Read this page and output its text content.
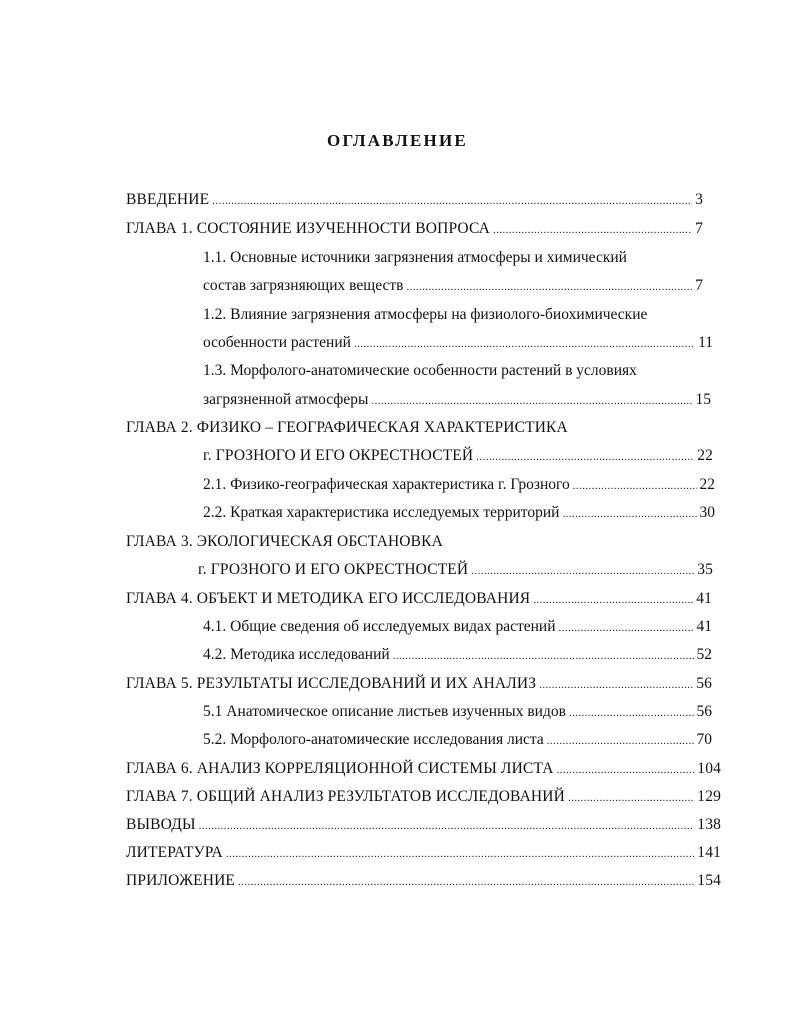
ОГЛАВЛЕНИЕ
ВВЕДЕНИЕ .....	3
ГЛАВА 1. СОСТОЯНИЕ ИЗУЧЕННОСТИ ВОПРОСА .....	7
1.1. Основные источники загрязнения атмосферы и химический
состав загрязняющих веществ .....	7
1.2. Влияние загрязнения атмосферы на физиолого-биохимические
особенности растений .....	11
1.3. Морфолого-анатомические особенности растений в условиях
загрязненной атмосферы .....	15
ГЛАВА 2. ФИЗИКО – ГЕОГРАФИЧЕСКАЯ ХАРАКТЕРИСТИКА
г. ГРОЗНОГО И ЕГО ОКРЕСТНОСТЕЙ .....	22
2.1. Физико-географическая характеристика г. Грозного .....	22
2.2. Краткая характеристика исследуемых территорий .....	30
ГЛАВА 3. ЭКОЛОГИЧЕСКАЯ ОБСТАНОВКА
г. ГРОЗНОГО И ЕГО ОКРЕСТНОСТЕЙ .....	35
ГЛАВА 4. ОБЪЕКТ И МЕТОДИКА ЕГО ИССЛЕДОВАНИЯ .....	41
4.1. Общие сведения об исследуемых видах растений .....	41
4.2. Методика исследований .....	52
ГЛАВА 5. РЕЗУЛЬТАТЫ ИССЛЕДОВАНИЙ И ИХ АНАЛИЗ .....	56
5.1 Анатомическое описание листьев изученных видов .....	56
5.2. Морфолого-анатомические исследования листа .....	70
ГЛАВА 6. АНАЛИЗ КОРРЕЛЯЦИОННОЙ СИСТЕМЫ ЛИСТА .....	104
ГЛАВА 7. ОБЩИЙ АНАЛИЗ РЕЗУЛЬТАТОВ ИССЛЕДОВАНИЙ .....	129
ВЫВОДЫ .....	138
ЛИТЕРАТУРА .....	141
ПРИЛОЖЕНИЕ .....	154
